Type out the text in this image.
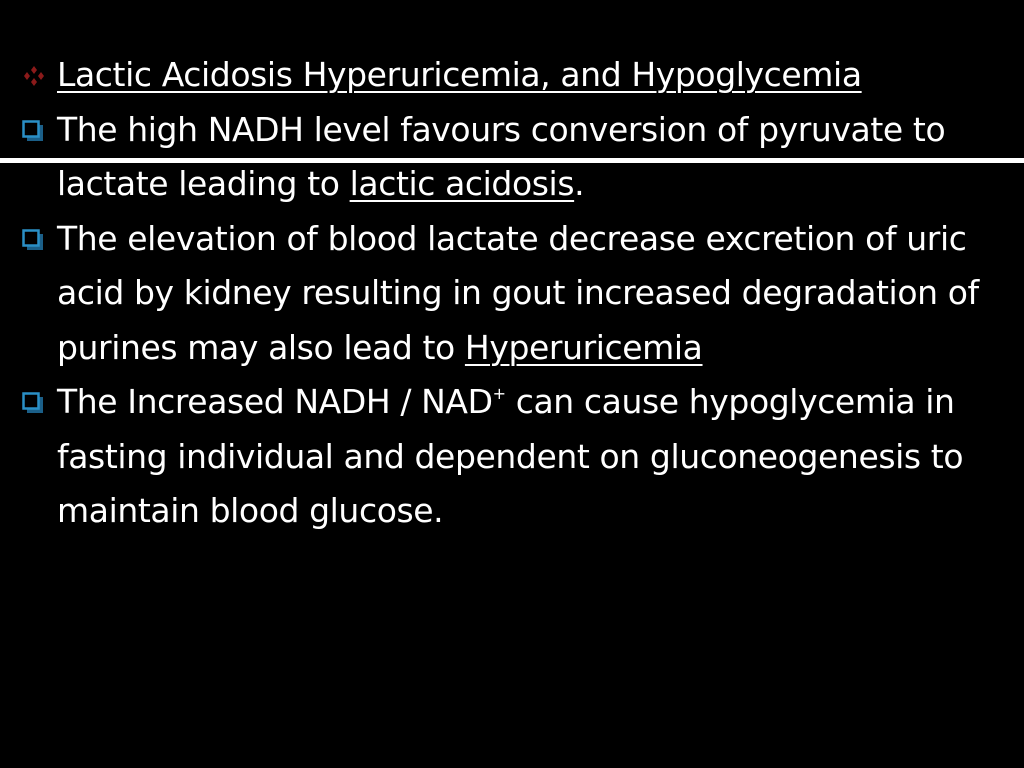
Lactic Acidosis Hyperuricemia, and Hypoglycemia
The high NADH level favours conversion of pyruvate to lactate leading to lactic acidosis.
The elevation of blood lactate decrease excretion of uric acid by kidney resulting in gout increased degradation of purines may also lead to Hyperuricemia
The Increased NADH / NAD+ can cause hypoglycemia in fasting individual and dependent on gluconeogenesis to maintain blood glucose.
